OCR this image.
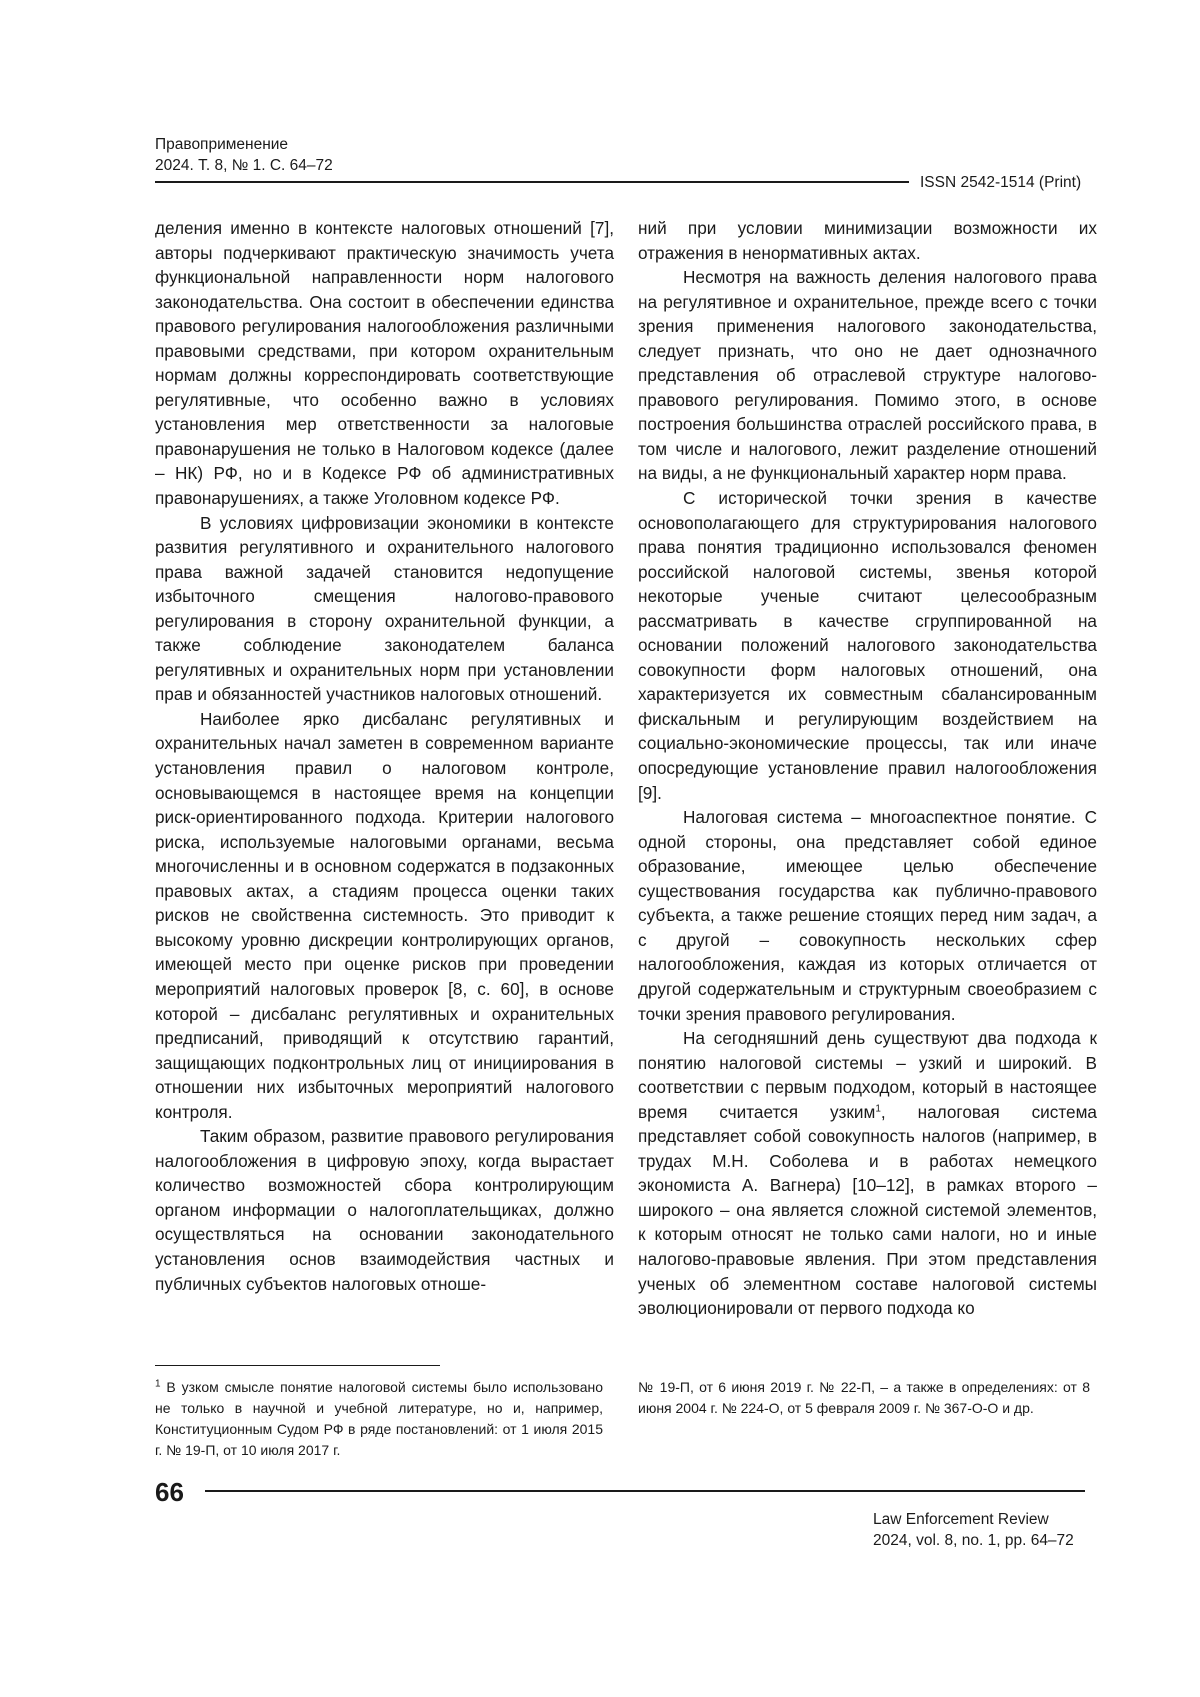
Правоприменение
2024. Т. 8, № 1. С. 64–72
ISSN 2542-1514 (Print)

деления именно в контексте налоговых отношений [7], авторы подчеркивают практическую значимость учета функциональной направленности норм налогового законодательства. Она состоит в обеспечении единства правового регулирования налогообложения различными правовыми средствами, при котором охранительным нормам должны корреспондировать соответствующие регулятивные, что особенно важно в условиях установления мер ответственности за налоговые правонарушения не только в Налоговом кодексе (далее – НК) РФ, но и в Кодексе РФ об административных правонарушениях, а также Уголовном кодексе РФ.

В условиях цифровизации экономики в контексте развития регулятивного и охранительного налогового права важной задачей становится недопущение избыточного смещения налогово-правового регулирования в сторону охранительной функции, а также соблюдение законодателем баланса регулятивных и охранительных норм при установлении прав и обязанностей участников налоговых отношений.

Наиболее ярко дисбаланс регулятивных и охранительных начал заметен в современном варианте установления правил о налоговом контроле, основывающемся в настоящее время на концепции риск-ориентированного подхода. Критерии налогового риска, используемые налоговыми органами, весьма многочисленны и в основном содержатся в подзаконных правовых актах, а стадиям процесса оценки таких рисков не свойственна системность. Это приводит к высокому уровню дискреции контролирующих органов, имеющей место при оценке рисков при проведении мероприятий налоговых проверок [8, с. 60], в основе которой – дисбаланс регулятивных и охранительных предписаний, приводящий к отсутствию гарантий, защищающих подконтрольных лиц от инициирования в отношении них избыточных мероприятий налогового контроля.

Таким образом, развитие правового регулирования налогообложения в цифровую эпоху, когда вырастает количество возможностей сбора контролирующим органом информации о налогоплательщиках, должно осуществляться на основании законодательного установления основ взаимодействия частных и публичных субъектов налоговых отноше-

ний при условии минимизации возможности их отражения в ненормативных актах.

Несмотря на важность деления налогового права на регулятивное и охранительное, прежде всего с точки зрения применения налогового законодательства, следует признать, что оно не дает однозначного представления об отраслевой структуре налогово-правового регулирования. Помимо этого, в основе построения большинства отраслей российского права, в том числе и налогового, лежит разделение отношений на виды, а не функциональный характер норм права.

С исторической точки зрения в качестве основополагающего для структурирования налогового права понятия традиционно использовался феномен российской налоговой системы, звенья которой некоторые ученые считают целесообразным рассматривать в качестве сгруппированной на основании положений налогового законодательства совокупности форм налоговых отношений, она характеризуется их совместным сбалансированным фискальным и регулирующим воздействием на социально-экономические процессы, так или иначе опосредующие установление правил налогообложения [9].

Налоговая система – многоаспектное понятие. С одной стороны, она представляет собой единое образование, имеющее целью обеспечение существования государства как публично-правового субъекта, а также решение стоящих перед ним задач, а с другой – совокупность нескольких сфер налогообложения, каждая из которых отличается от другой содержательным и структурным своеобразием с точки зрения правового регулирования.

На сегодняшний день существуют два подхода к понятию налоговой системы – узкий и широкий. В соответствии с первым подходом, который в настоящее время считается узким$^1$, налоговая система представляет собой совокупность налогов (например, в трудах М.Н. Соболева и в работах немецкого экономиста А. Вагнера) [10–12], в рамках второго – широкого – она является сложной системой элементов, к которым относят не только сами налоги, но и иные налогово-правовые явления. При этом представления ученых об элементном составе налоговой системы эволюционировали от первого подхода ко

$^1$ В узком смысле понятие налоговой системы было использовано не только в научной и учебной литературе, но и, например, Конституционным Судом РФ в ряде постановлений: от 1 июля 2015 г. № 19-П, от 10 июля 2017 г.
№ 19-П, от 6 июня 2019 г. № 22-П, – а также в определениях: от 8 июня 2004 г. № 224-О, от 5 февраля 2009 г. № 367-О-О и др.
66
Law Enforcement Review
2024, vol. 8, no. 1, pp. 64–72
